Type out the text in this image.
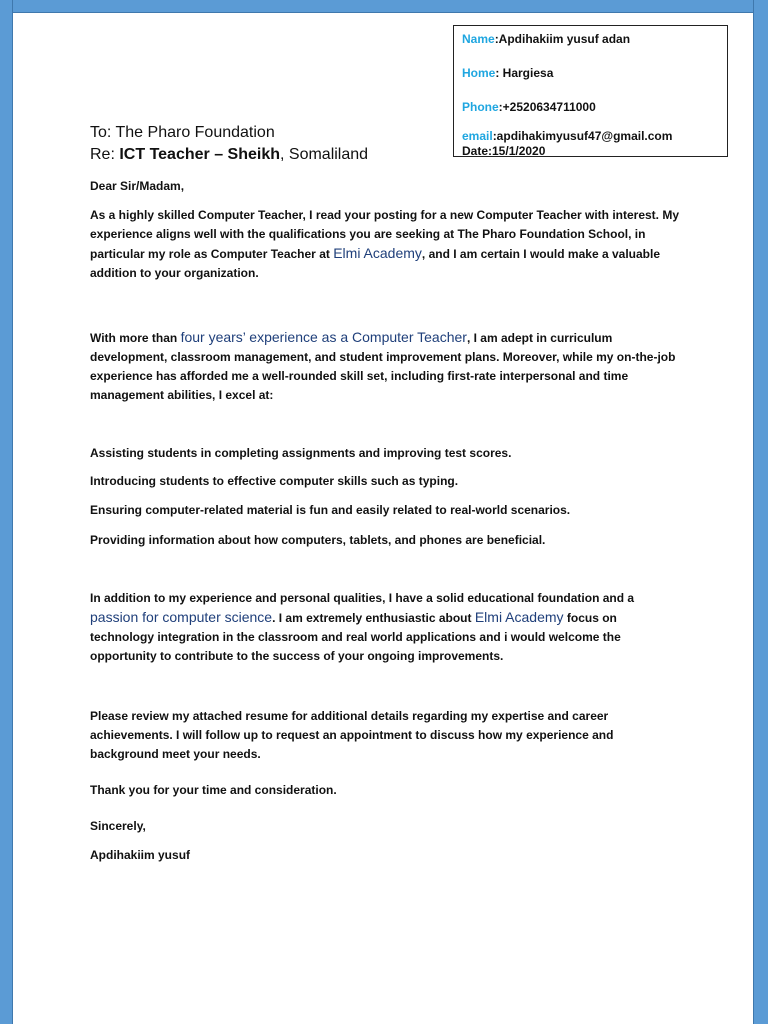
Name:Apdihakiim yusuf adan
Home: Hargiesa
Phone:+2520634711000
email:apdihakimyusuf47@gmail.com
Date:15/1/2020
To: The Pharo Foundation
Re: ICT Teacher – Sheikh, Somaliland
Dear Sir/Madam,
As a highly skilled Computer Teacher, I read your posting for a new Computer Teacher with interest. My experience aligns well with the qualifications you are seeking at The Pharo Foundation School, in particular my role as Computer Teacher at Elmi Academy, and I am certain I would make a valuable addition to your organization.
With more than four years’ experience as a Computer Teacher, I am adept in curriculum development, classroom management, and student improvement plans. Moreover, while my on-the-job experience has afforded me a well-rounded skill set, including first-rate interpersonal and time management abilities, I excel at:
Assisting students in completing assignments and improving test scores.
Introducing students to effective computer skills such as typing.
Ensuring computer-related material is fun and easily related to real-world scenarios.
Providing information about how computers, tablets, and phones are beneficial.
In addition to my experience and personal qualities, I have a solid educational foundation and a passion for computer science. I am extremely enthusiastic about Elmi Academy focus on technology integration in the classroom and real world applications and i would welcome the opportunity to contribute to the success of your ongoing improvements.
Please review my attached resume for additional details regarding my expertise and career achievements. I will follow up to request an appointment to discuss how my experience and background meet your needs.
Thank you for your time and consideration.
Sincerely,
Apdihakiim yusuf
